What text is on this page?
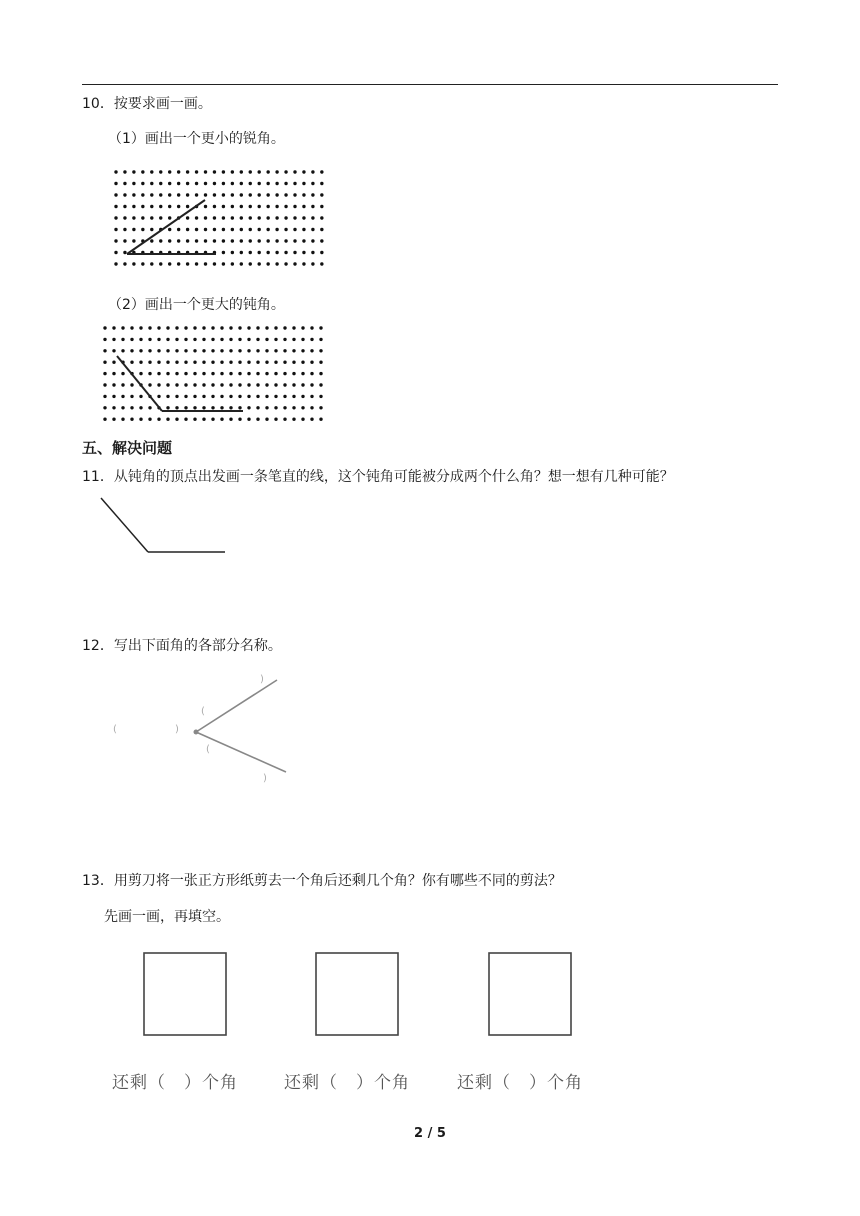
10．按要求画一画。
（1）画出一个更小的锐角。
（2）画出一个更大的钝角。
五、解决问题
11．从钝角的顶点出发画一条笔直的线，这个钝角可能被分成两个什么角？想一想有几种可能？
12．写出下面角的各部分名称。
(	)
)
(
(
)
13．用剪刀将一张正方形纸剪去一个角后还剩几个角？你有哪些不同的剪法？
先画一画，再填空。
还剩（　）个角	还剩（　）个角	还剩（　）个角
2 / 5
